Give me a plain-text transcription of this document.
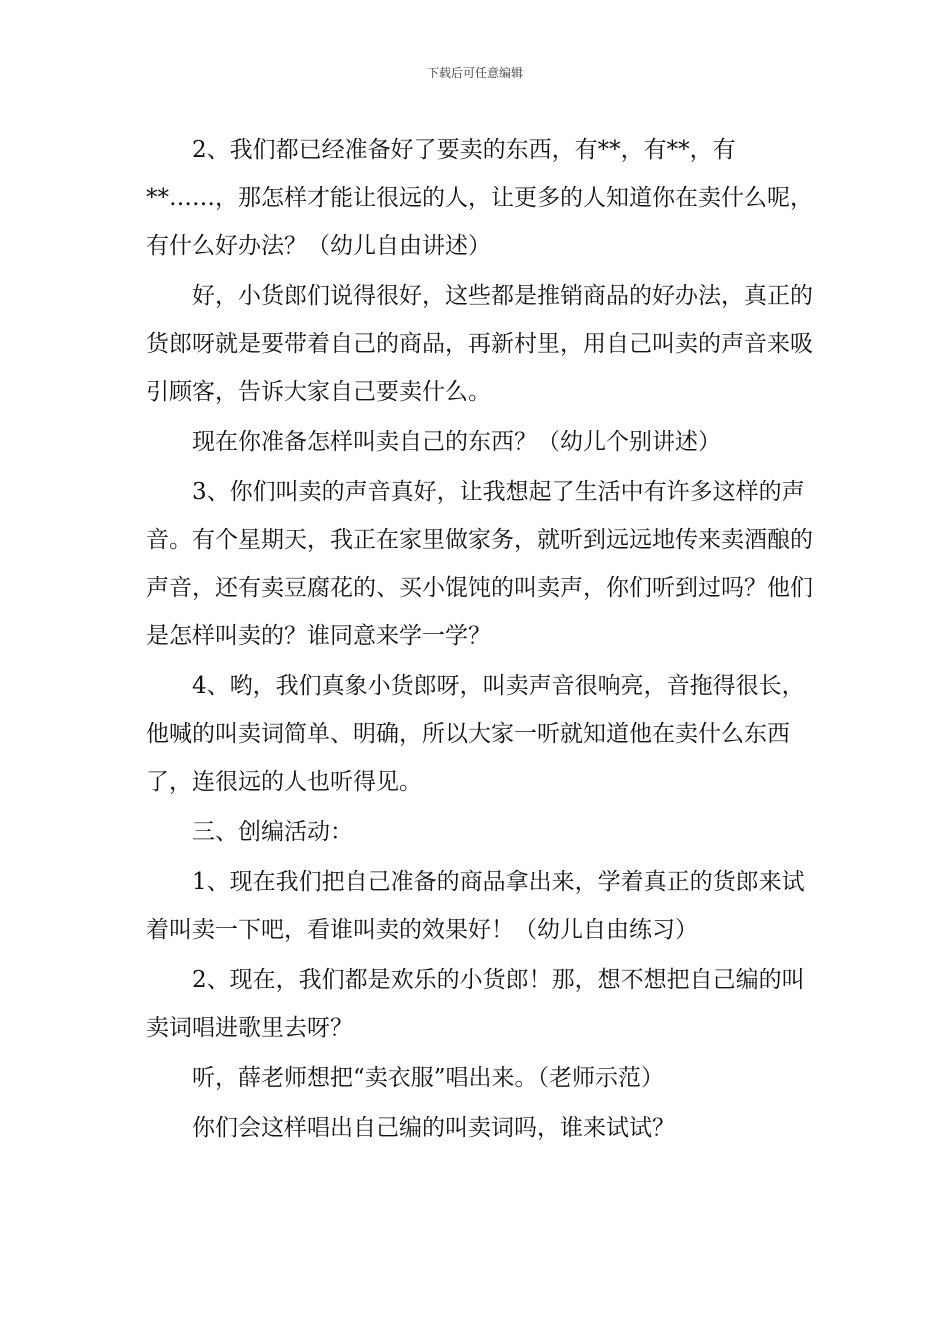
下载后可任意编辑

2、我们都已经准备好了要卖的东西，有**，有**，有**……，那怎样才能让很远的人，让更多的人知道你在卖什么呢，有什么好办法？（幼儿自由讲述）

好，小货郎们说得很好，这些都是推销商品的好办法，真正的货郎呀就是要带着自己的商品，再新村里，用自己叫卖的声音来吸引顾客，告诉大家自己要卖什么。

现在你准备怎样叫卖自己的东西？（幼儿个别讲述）

3、你们叫卖的声音真好，让我想起了生活中有许多这样的声音。有个星期天，我正在家里做家务，就听到远远地传来卖酒酿的声音，还有卖豆腐花的、买小馄饨的叫卖声，你们听到过吗？他们是怎样叫卖的？谁同意来学一学？

4、哟，我们真象小货郎呀，叫卖声音很响亮，音拖得很长，他喊的叫卖词简单、明确，所以大家一听就知道他在卖什么东西了，连很远的人也听得见。

三、创编活动：

1、现在我们把自己准备的商品拿出来，学着真正的货郎来试着叫卖一下吧，看谁叫卖的效果好！（幼儿自由练习）

2、现在，我们都是欢乐的小货郎！那，想不想把自己编的叫卖词唱进歌里去呀？

听，薛老师想把“卖衣服”唱出来。（老师示范）

你们会这样唱出自己编的叫卖词吗，谁来试试？
